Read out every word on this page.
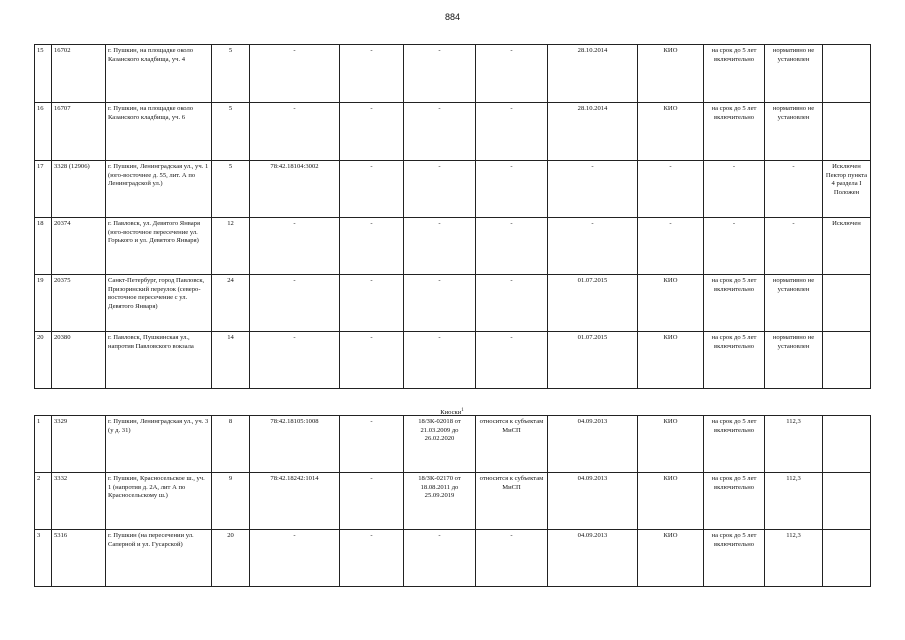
884
15	16702	г. Пушкин, на площадке около Казанского кладбища, уч. 4	5	-	-	-	-	28.10.2014	КИО	на срок до 5 лет включительно	нормативно не установлен	
16	16707	г. Пушкин, на площадке около Казанского кладбища, уч. 6	5	-	-	-	-	28.10.2014	КИО	на срок до 5 лет включительно	нормативно не установлен	
17	3328 (12906)	г. Пушкин, Ленинградская ул., уч. 1 (юго-восточнее д. 55, лит. А по Ленинградской ул.)	5	78:42.18104:3002	-	-	-	-	-	-	-	Исключен Пектор пункта 4 раздела I Положен
18	20374	г. Павловск, ул. Девятого Января (юго-восточное пересечение ул. Горького и ул. Девятого Января)	12	-	-	-	-	-	-	-	-	Исключен
19	20375	Санкт-Петербург, город Павловск, Призоринский переулок (северо-восточное пересечение с ул. Девятого Января)	24	-	-	-	-	01.07.2015	КИО	на срок до 5 лет включительно	нормативно не установлен	
20	20380	г. Павловск, Пушкинская ул., напротив Павловского вокзала	14	-	-	-	-	01.07.2015	КИО	на срок до 5 лет включительно	нормативно не установлен	
Киоски$^1$
1	3329	г. Пушкин, Ленинградская ул., уч. 3 (у д. 31)	8	78:42.18105:1008	-	18/ЗК-02018 от 21.03.2009 до 26.02.2020	относится к субъектам МиСП	04.09.2013	КИО	на срок до 5 лет включительно	112,3	
2	3332	г. Пушкин, Красносельское ш., уч. 1 (напротив д. 2А, лит А по Красносельскому ш.)	9	78:42.18242:1014	-	18/ЗК-02170 от 18.08.2011 до 25.09.2019	относится к субъектам МиСП	04.09.2013	КИО	на срок до 5 лет включительно	112,3	
3	5316	г. Пушкин (на пересечении ул. Саперной и ул. Гусарской)	20	-	-	-	-	04.09.2013	КИО	на срок до 5 лет включительно	112,3	
